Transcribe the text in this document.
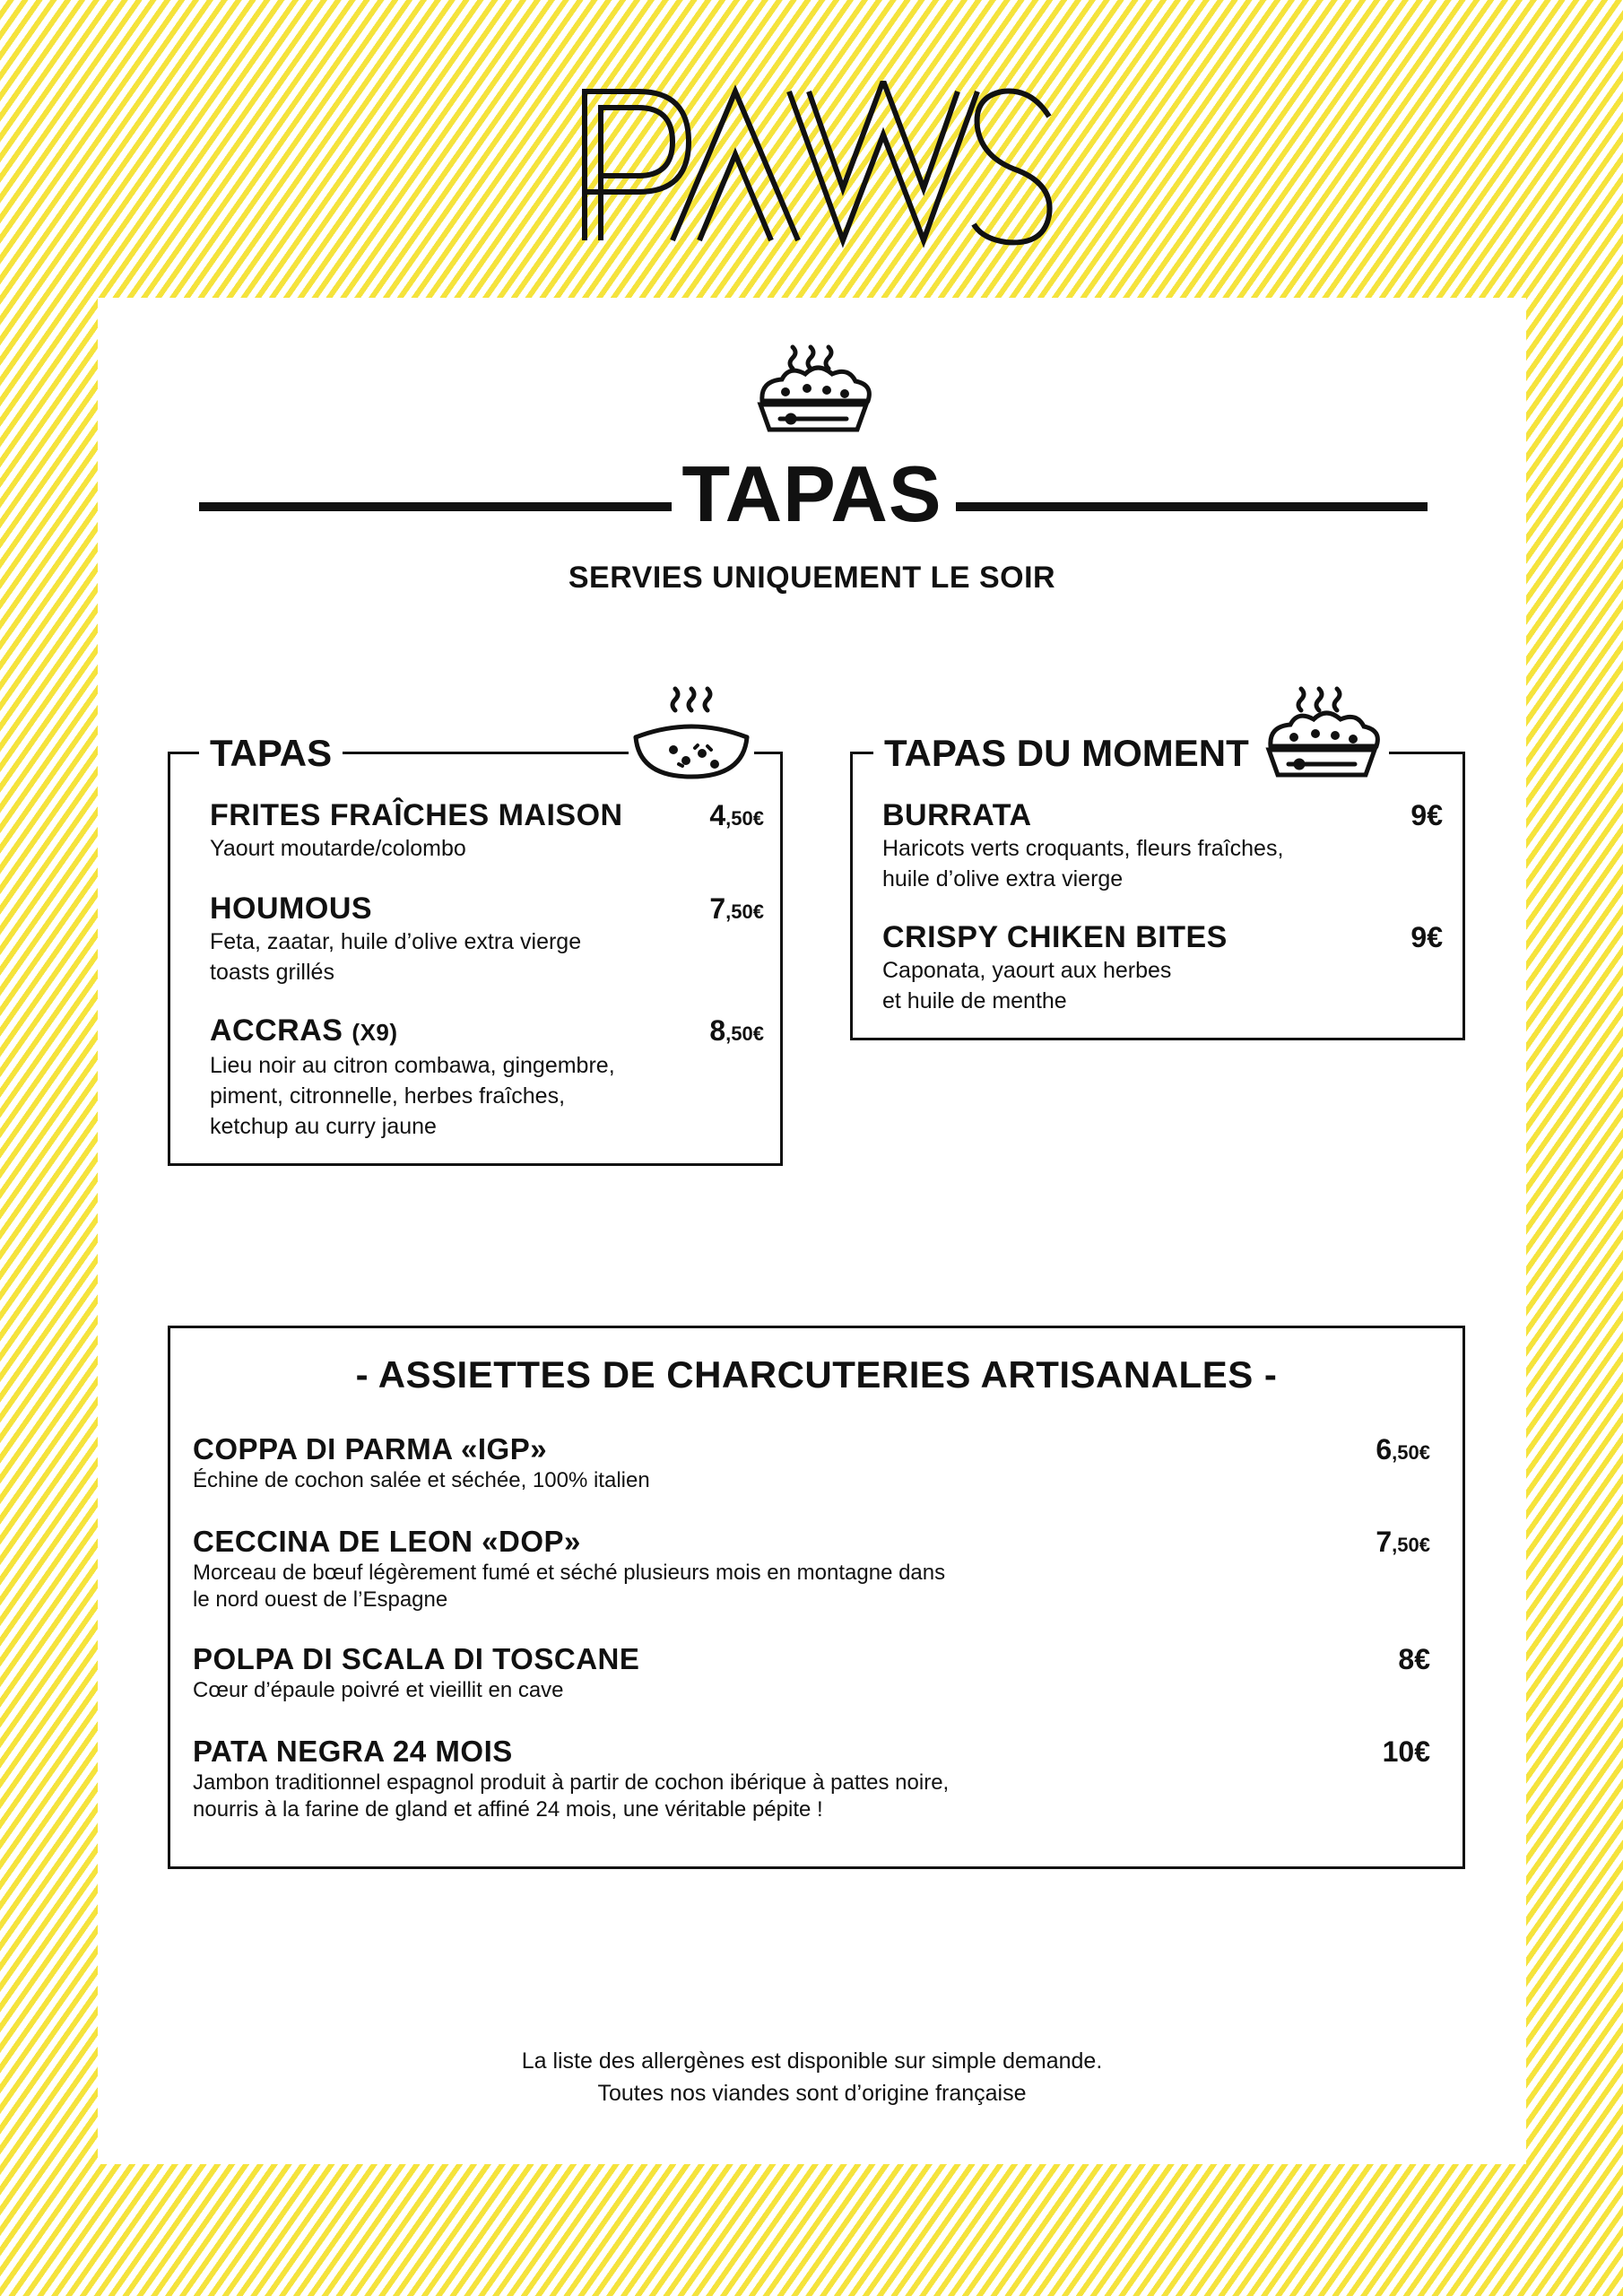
TAPAS
SERVIES UNIQUEMENT LE SOIR
TAPAS
FRITES FRAÎCHES MAISON
Yaourt moutarde/colombo
4,50€
HOUMOUS
Feta, zaatar, huile d’olive extra vierge
toasts grillés
7,50€
ACCRAS (X9)
Lieu noir au citron combawa, gingembre,
piment, citronnelle, herbes fraîches,
ketchup au curry jaune
8,50€
TAPAS DU MOMENT
BURRATA
Haricots verts croquants, fleurs fraîches,
huile d’olive extra vierge
9€
CRISPY CHIKEN BITES
Caponata, yaourt aux herbes
et huile de menthe
9€
- ASSIETTES DE CHARCUTERIES ARTISANALES -
COPPA DI PARMA «IGP»
Échine de cochon salée et séchée, 100% italien
6,50€
CECCINA DE LEON «DOP»
Morceau de bœuf légèrement fumé et séché plusieurs mois en montagne dans
le nord ouest de l’Espagne
7,50€
POLPA DI SCALA DI TOSCANE
Cœur d’épaule poivré et vieillit en cave
8€
PATA NEGRA 24 MOIS
Jambon traditionnel espagnol produit à partir de cochon ibérique à pattes noire,
nourris à la farine de gland et affiné 24 mois, une véritable pépite !
10€
La liste des allergènes est disponible sur simple demande.
Toutes nos viandes sont d’origine française
